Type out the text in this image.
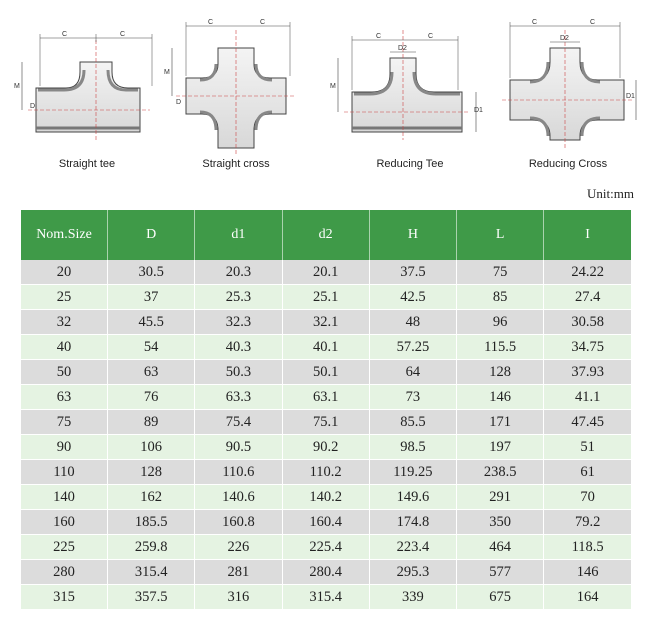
C	C
M
D
C	C
M
D
C	C
D2
M
D1
C	C
D2
D1
Straight tee	Straight cross	Reducing Tee	Reducing Cross
Unit:mm
Nom.Size	D	d1	d2	H	L	I
20	30.5	20.3	20.1	37.5	75	24.22
25	37	25.3	25.1	42.5	85	27.4
32	45.5	32.3	32.1	48	96	30.58
40	54	40.3	40.1	57.25	115.5	34.75
50	63	50.3	50.1	64	128	37.93
63	76	63.3	63.1	73	146	41.1
75	89	75.4	75.1	85.5	171	47.45
90	106	90.5	90.2	98.5	197	51
110	128	110.6	110.2	119.25	238.5	61
140	162	140.6	140.2	149.6	291	70
160	185.5	160.8	160.4	174.8	350	79.2
225	259.8	226	225.4	223.4	464	118.5
280	315.4	281	280.4	295.3	577	146
315	357.5	316	315.4	339	675	164
